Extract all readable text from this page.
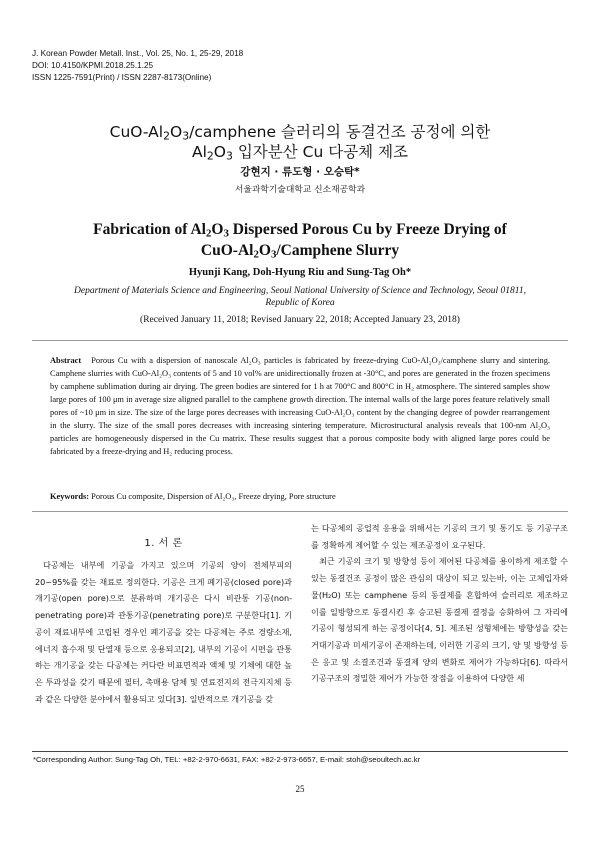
J. Korean Powder Metall. Inst., Vol. 25, No. 1, 25-29, 2018
DOI: 10.4150/KPMI.2018.25.1.25
ISSN 1225-7591(Print) / ISSN 2287-8173(Online)
CuO-$Al_2O_3$/camphene 슬러리의 동결건조 공정에 의한
$Al_2O_3$ 입자분산 Cu 다공체 제조
강현지 · 류도형 · 오승탁*
서울과학기술대학교 신소재공학과
Fabrication of $Al_2O_3$ Dispersed Porous Cu by Freeze Drying of
CuO-$Al_2O_3$/Camphene Slurry
Hyunji Kang, Doh-Hyung Riu and Sung-Tag Oh*
Department of Materials Science and Engineering, Seoul National University of Science and Technology, Seoul 01811, Republic of Korea
(Received January 11, 2018; Revised January 22, 2018; Accepted January 23, 2018)
Abstract Porous Cu with a dispersion of nanoscale Al₂O₃ particles is fabricated by freeze-drying CuO-Al₂O₃/camphene slurry and sintering. Camphene slurries with CuO-Al₂O₃ contents of 5 and 10 vol% are unidirectionally frozen at -30°C, and pores are generated in the frozen specimens by camphene sublimation during air drying. The green bodies are sintered for 1 h at 700°C and 800°C in H₂ atmosphere. The sintered samples show large pores of 100 μm in average size aligned parallel to the camphene growth direction. The internal walls of the large pores feature relatively small pores of ~10 μm in size. The size of the large pores decreases with increasing CuO-Al₂O₃ content by the changing degree of powder rearrangement in the slurry. The size of the small pores decreases with increasing sintering temperature. Microstructural analysis reveals that 100-nm Al₂O₃ particles are homogeneously dispersed in the Cu matrix. These results suggest that a porous composite body with aligned large pores could be fabricated by a freeze-drying and H₂ reducing process.
Keywords: Porous Cu composite, Dispersion of Al₂O₃, Freeze drying, Pore structure
1. 서 론

다공체는 내부에 기공을 가지고 있으며 기공의 양이 전체부피의 20~95%를 갖는 재료로 정의한다. 기공은 크게 폐기공(closed pore)과 개기공(open pore)으로 분류하며 개기공은 다시 비관통 기공(non-penetrating pore)과 관통기공(penetrating pore)로 구분한다[1]. 기공이 재료내부에 고립된 경우인 폐기공을 갖는 다공체는 주로 경량소재, 에너지 흡수재 및 단열재 등으로 응용되고[2], 내부의 기공이 시편을 관통하는 개기공을 갖는 다공체는 커다란 비표면적과 액체 및 기체에 대한 높은 투과성을 갖기 때문에 필터, 촉매용 담체 및 연료전지의 전극지지체 등과 같은 다양한 분야에서 활용되고 있다[3]. 일반적으로 개기공을 갖

는 다공체의 공업적 응용을 위해서는 기공의 크기 및 통기도 등 기공구조를 정확하게 제어할 수 있는 제조공정이 요구된다.

최근 기공의 크기 및 방향성 등이 제어된 다공체를 용이하게 제조할 수 있는 동결건조 공정이 많은 관심의 대상이 되고 있는바, 이는 고체입자와 물(H₂O) 또는 camphene 등의 동결제를 혼합하여 슬러리로 제조하고 이를 일방향으로 동결시킨 후 승고된 동결제 결정을 승화하여 그 자리에 기공이 형성되게 하는 공정이다[4, 5]. 제조된 성형체에는 방향성을 갖는 거대기공과 미세기공이 존재하는데, 이러한 기공의 크기, 양 및 방향성 등은 응고 및 소결조건과 동결제 양의 변화로 제어가 가능하다[6]. 따라서 기공구조의 정밀한 제어가 가능한 장점을 이용하여 다양한 세

*Corresponding Author: Sung-Tag Oh, TEL: +82-2-970-6631, FAX: +82-2-973-6657, E-mail: stoh@seoultech.ac.kr
25
